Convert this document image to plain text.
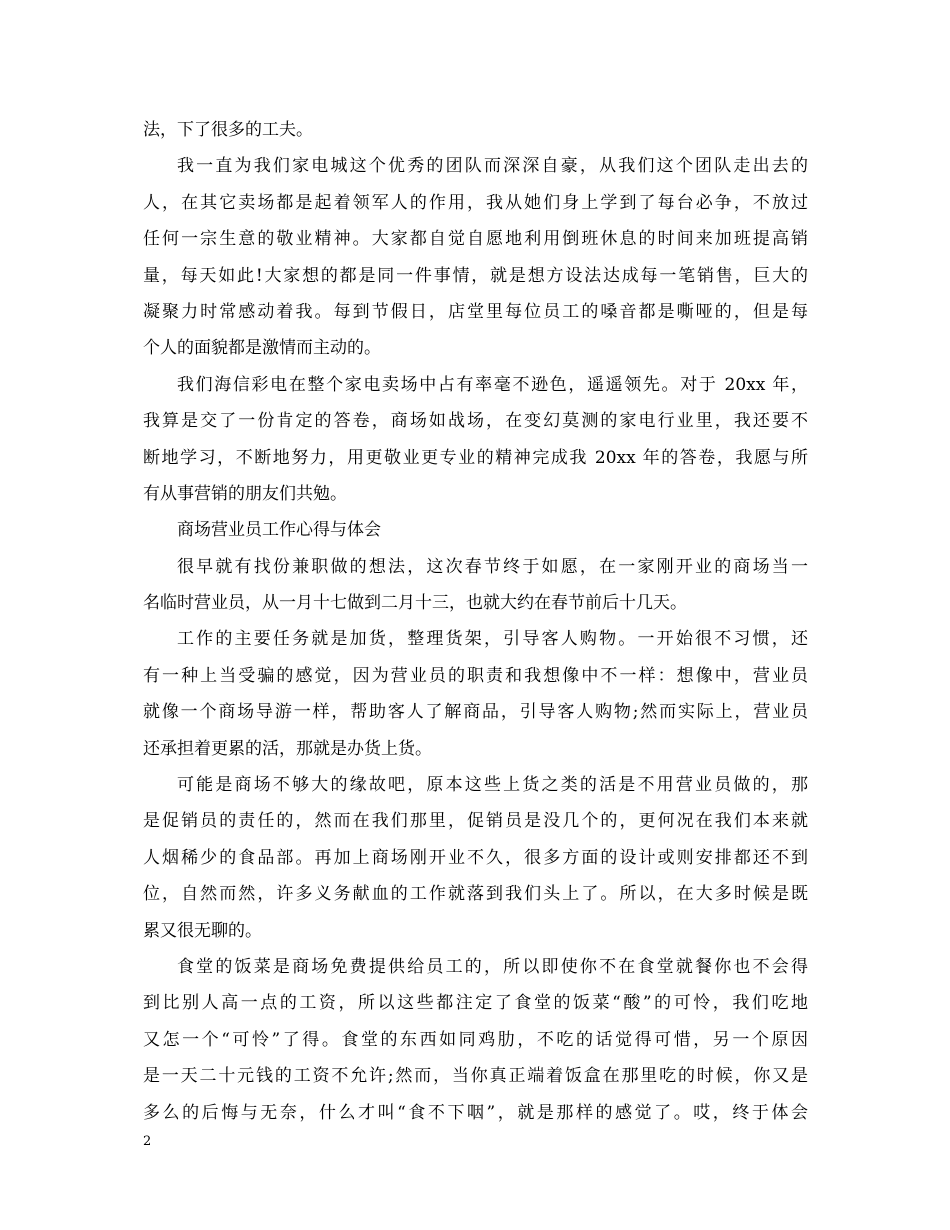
法，下了很多的工夫。
我一直为我们家电城这个优秀的团队而深深自豪，从我们这个团队走出去的
人，在其它卖场都是起着领军人的作用，我从她们身上学到了每台必争，不放过
任何一宗生意的敬业精神。大家都自觉自愿地利用倒班休息的时间来加班提高销
量，每天如此!大家想的都是同一件事情，就是想方设法达成每一笔销售，巨大的
凝聚力时常感动着我。每到节假日，店堂里每位员工的嗓音都是嘶哑的，但是每
个人的面貌都是激情而主动的。
我们海信彩电在整个家电卖场中占有率毫不逊色，遥遥领先。对于 20xx 年，
我算是交了一份肯定的答卷，商场如战场，在变幻莫测的家电行业里，我还要不
断地学习，不断地努力，用更敬业更专业的精神完成我 20xx 年的答卷，我愿与所
有从事营销的朋友们共勉。
商场营业员工作心得与体会
很早就有找份兼职做的想法，这次春节终于如愿，在一家刚开业的商场当一
名临时营业员，从一月十七做到二月十三，也就大约在春节前后十几天。
工作的主要任务就是加货，整理货架，引导客人购物。一开始很不习惯，还
有一种上当受骗的感觉，因为营业员的职责和我想像中不一样：想像中，营业员
就像一个商场导游一样，帮助客人了解商品，引导客人购物;然而实际上，营业员
还承担着更累的活，那就是办货上货。
可能是商场不够大的缘故吧，原本这些上货之类的活是不用营业员做的，那
是促销员的责任的，然而在我们那里，促销员是没几个的，更何况在我们本来就
人烟稀少的食品部。再加上商场刚开业不久，很多方面的设计或则安排都还不到
位，自然而然，许多义务献血的工作就落到我们头上了。所以，在大多时候是既
累又很无聊的。
食堂的饭菜是商场免费提供给员工的，所以即使你不在食堂就餐你也不会得
到比别人高一点的工资，所以这些都注定了食堂的饭菜“酸”的可怜，我们吃地
又怎一个“可怜”了得。食堂的东西如同鸡肋，不吃的话觉得可惜，另一个原因
是一天二十元钱的工资不允许;然而，当你真正端着饭盒在那里吃的时候，你又是
多么的后悔与无奈，什么才叫“食不下咽”，就是那样的感觉了。哎，终于体会
2
